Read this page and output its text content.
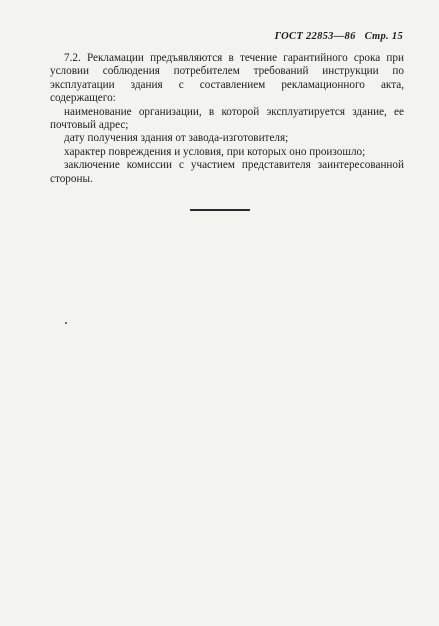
ГОСТ 22853—86 Стр. 15

7.2. Рекламации предъявляются в течение гарантийного срока при условии соблюдения потребителем требований инструкции по эксплуатации здания с составлением рекламационного акта, содержащего:

наименование организации, в которой эксплуатируется здание, ее почтовый адрес;

дату получения здания от завода-изготовителя;

характер повреждения и условия, при которых оно произошло;

заключение комиссии с участием представителя заинтересованной стороны.
